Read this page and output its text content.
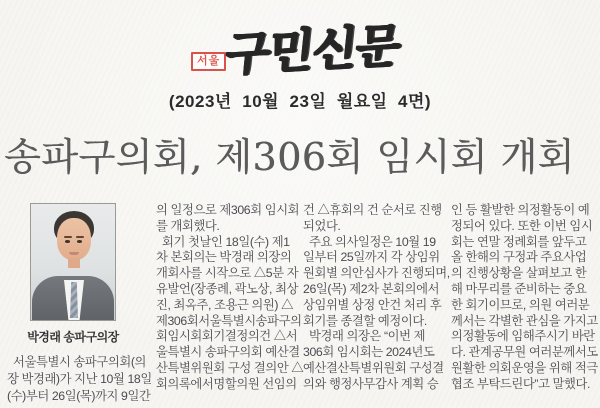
서울 구민신문
(2023년  10월  23일  월요일  4면)
송파구의회, 제306회 임시회 개회
박경래 송파구의장
서울특별시 송파구의회(의
장 박경래)가 지난 10월 18일
(수)부터 26일(목)까지 9일간
의 일정으로 제306회 임시회
를 개회했다.
회기 첫날인 18일(수) 제1
차 본회의는 박경래 의장의
개회사를 시작으로 △5분 자
유발언(장종례, 곽노상, 최상
진, 최옥주, 조용근 의원) △
제306회서울특별시송파구의
회임시회회기결정의건 △서
울특별시 송파구의회 예산결
산특별위원회 구성 결의안 △
회의록에서명할의원 선임의
건 △휴회의 건 순서로 진행
되었다.
주요 의사일정은 10월 19
일부터 25일까지 각 상임위
원회별 의안심사가 진행되며,
26일(목) 제2차 본회의에서
상임위별 상정 안건 처리 후
회기를 종결할 예정이다.
박경래 의장은 “이번 제
306회 임시회는 2024년도
예산결산특별위원회 구성결
의와 행정사무감사 계획 승
인 등 활발한 의정활동이 예
정되어 있다. 또한 이번 임시
회는 연말 정례회를 앞두고
올 한해의 구정과 주요사업
의 진행상황을 살펴보고 한
해 마무리를 준비하는 중요
한 회기이므로, 의원 여러분
께서는 각별한 관심을 가지고
의정활동에 임해주시기 바란
다. 관계공무원 여러분께서도
원활한 의회운영을 위해 적극
협조 부탁드린다”고 말했다.
